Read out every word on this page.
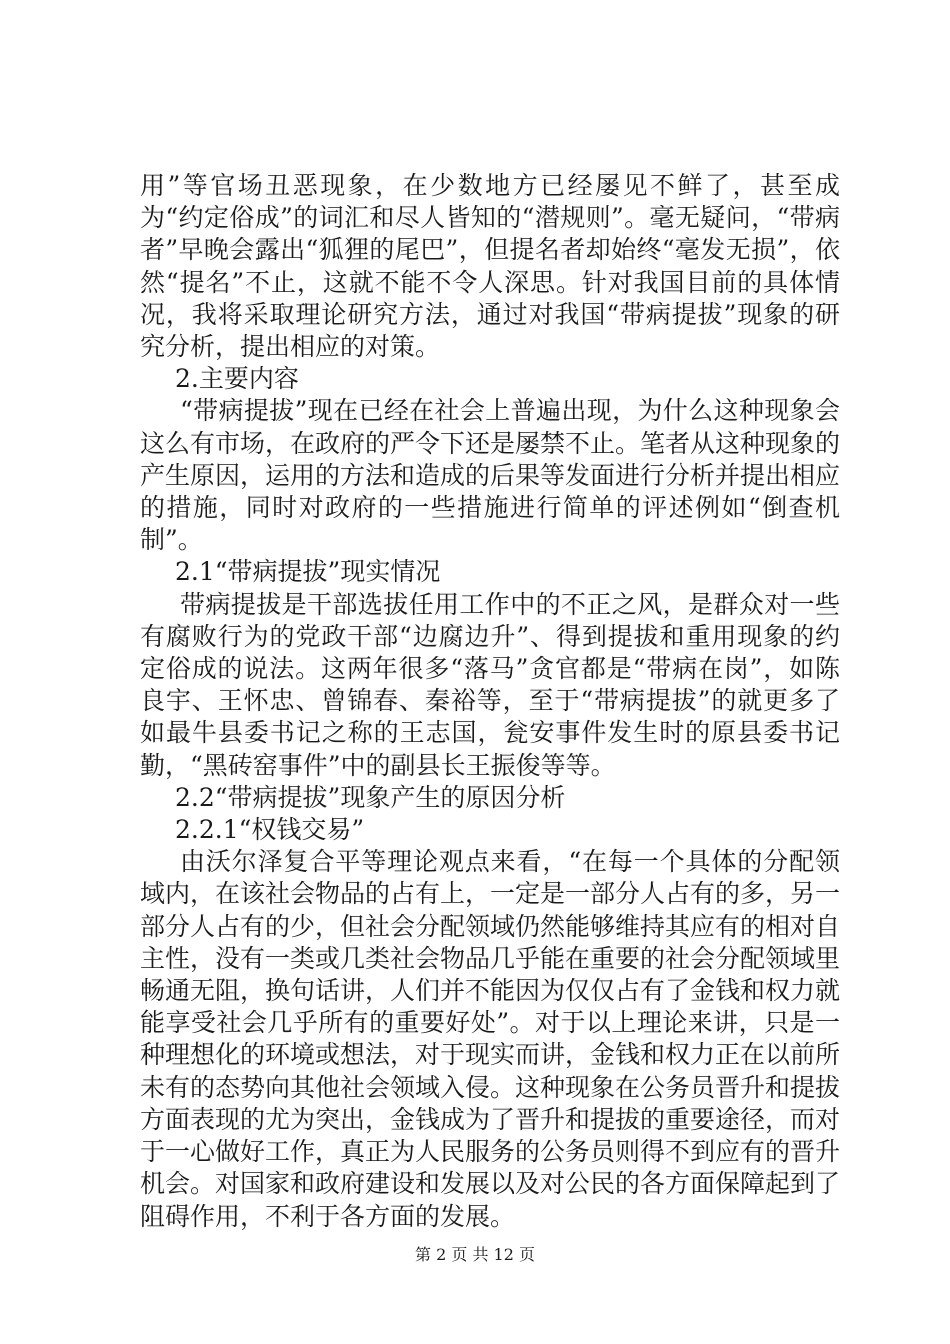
用”等官场丑恶现象，在少数地方已经屡见不鲜了，甚至成为“约定俗成”的词汇和尽人皆知的“潜规则”。毫无疑问，“带病者”早晚会露出“狐狸的尾巴”，但提名者却始终“毫发无损”，依然“提名”不止，这就不能不令人深思。针对我国目前的具体情况，我将采取理论研究方法，通过对我国“带病提拔”现象的研究分析，提出相应的对策。

2.主要内容

“带病提拔”现在已经在社会上普遍出现，为什么这种现象会这么有市场，在政府的严令下还是屡禁不止。笔者从这种现象的产生原因，运用的方法和造成的后果等发面进行分析并提出相应的措施，同时对政府的一些措施进行简单的评述例如“倒查机制”。

2.1“带病提拔”现实情况

带病提拔是干部选拔任用工作中的不正之风，是群众对一些有腐败行为的党政干部“边腐边升”、得到提拔和重用现象的约定俗成的说法。这两年很多“落马”贪官都是“带病在岗”，如陈良宇、王怀忠、曾锦春、秦裕等，至于“带病提拔”的就更多了如最牛县委书记之称的王志国，瓮安事件发生时的原县委书记勤，“黑砖窑事件”中的副县长王振俊等等。

2.2“带病提拔”现象产生的原因分析

2.2.1“权钱交易”

由沃尔泽复合平等理论观点来看，“在每一个具体的分配领域内，在该社会物品的占有上，一定是一部分人占有的多，另一部分人占有的少，但社会分配领域仍然能够维持其应有的相对自主性，没有一类或几类社会物品几乎能在重要的社会分配领域里畅通无阻，换句话讲，人们并不能因为仅仅占有了金钱和权力就能享受社会几乎所有的重要好处”。对于以上理论来讲，只是一种理想化的环境或想法，对于现实而讲，金钱和权力正在以前所未有的态势向其他社会领域入侵。这种现象在公务员晋升和提拔方面表现的尤为突出，金钱成为了晋升和提拔的重要途径，而对于一心做好工作，真正为人民服务的公务员则得不到应有的晋升机会。对国家和政府建设和发展以及对公民的各方面保障起到了阻碍作用，不利于各方面的发展。

第 2 页 共 12 页
